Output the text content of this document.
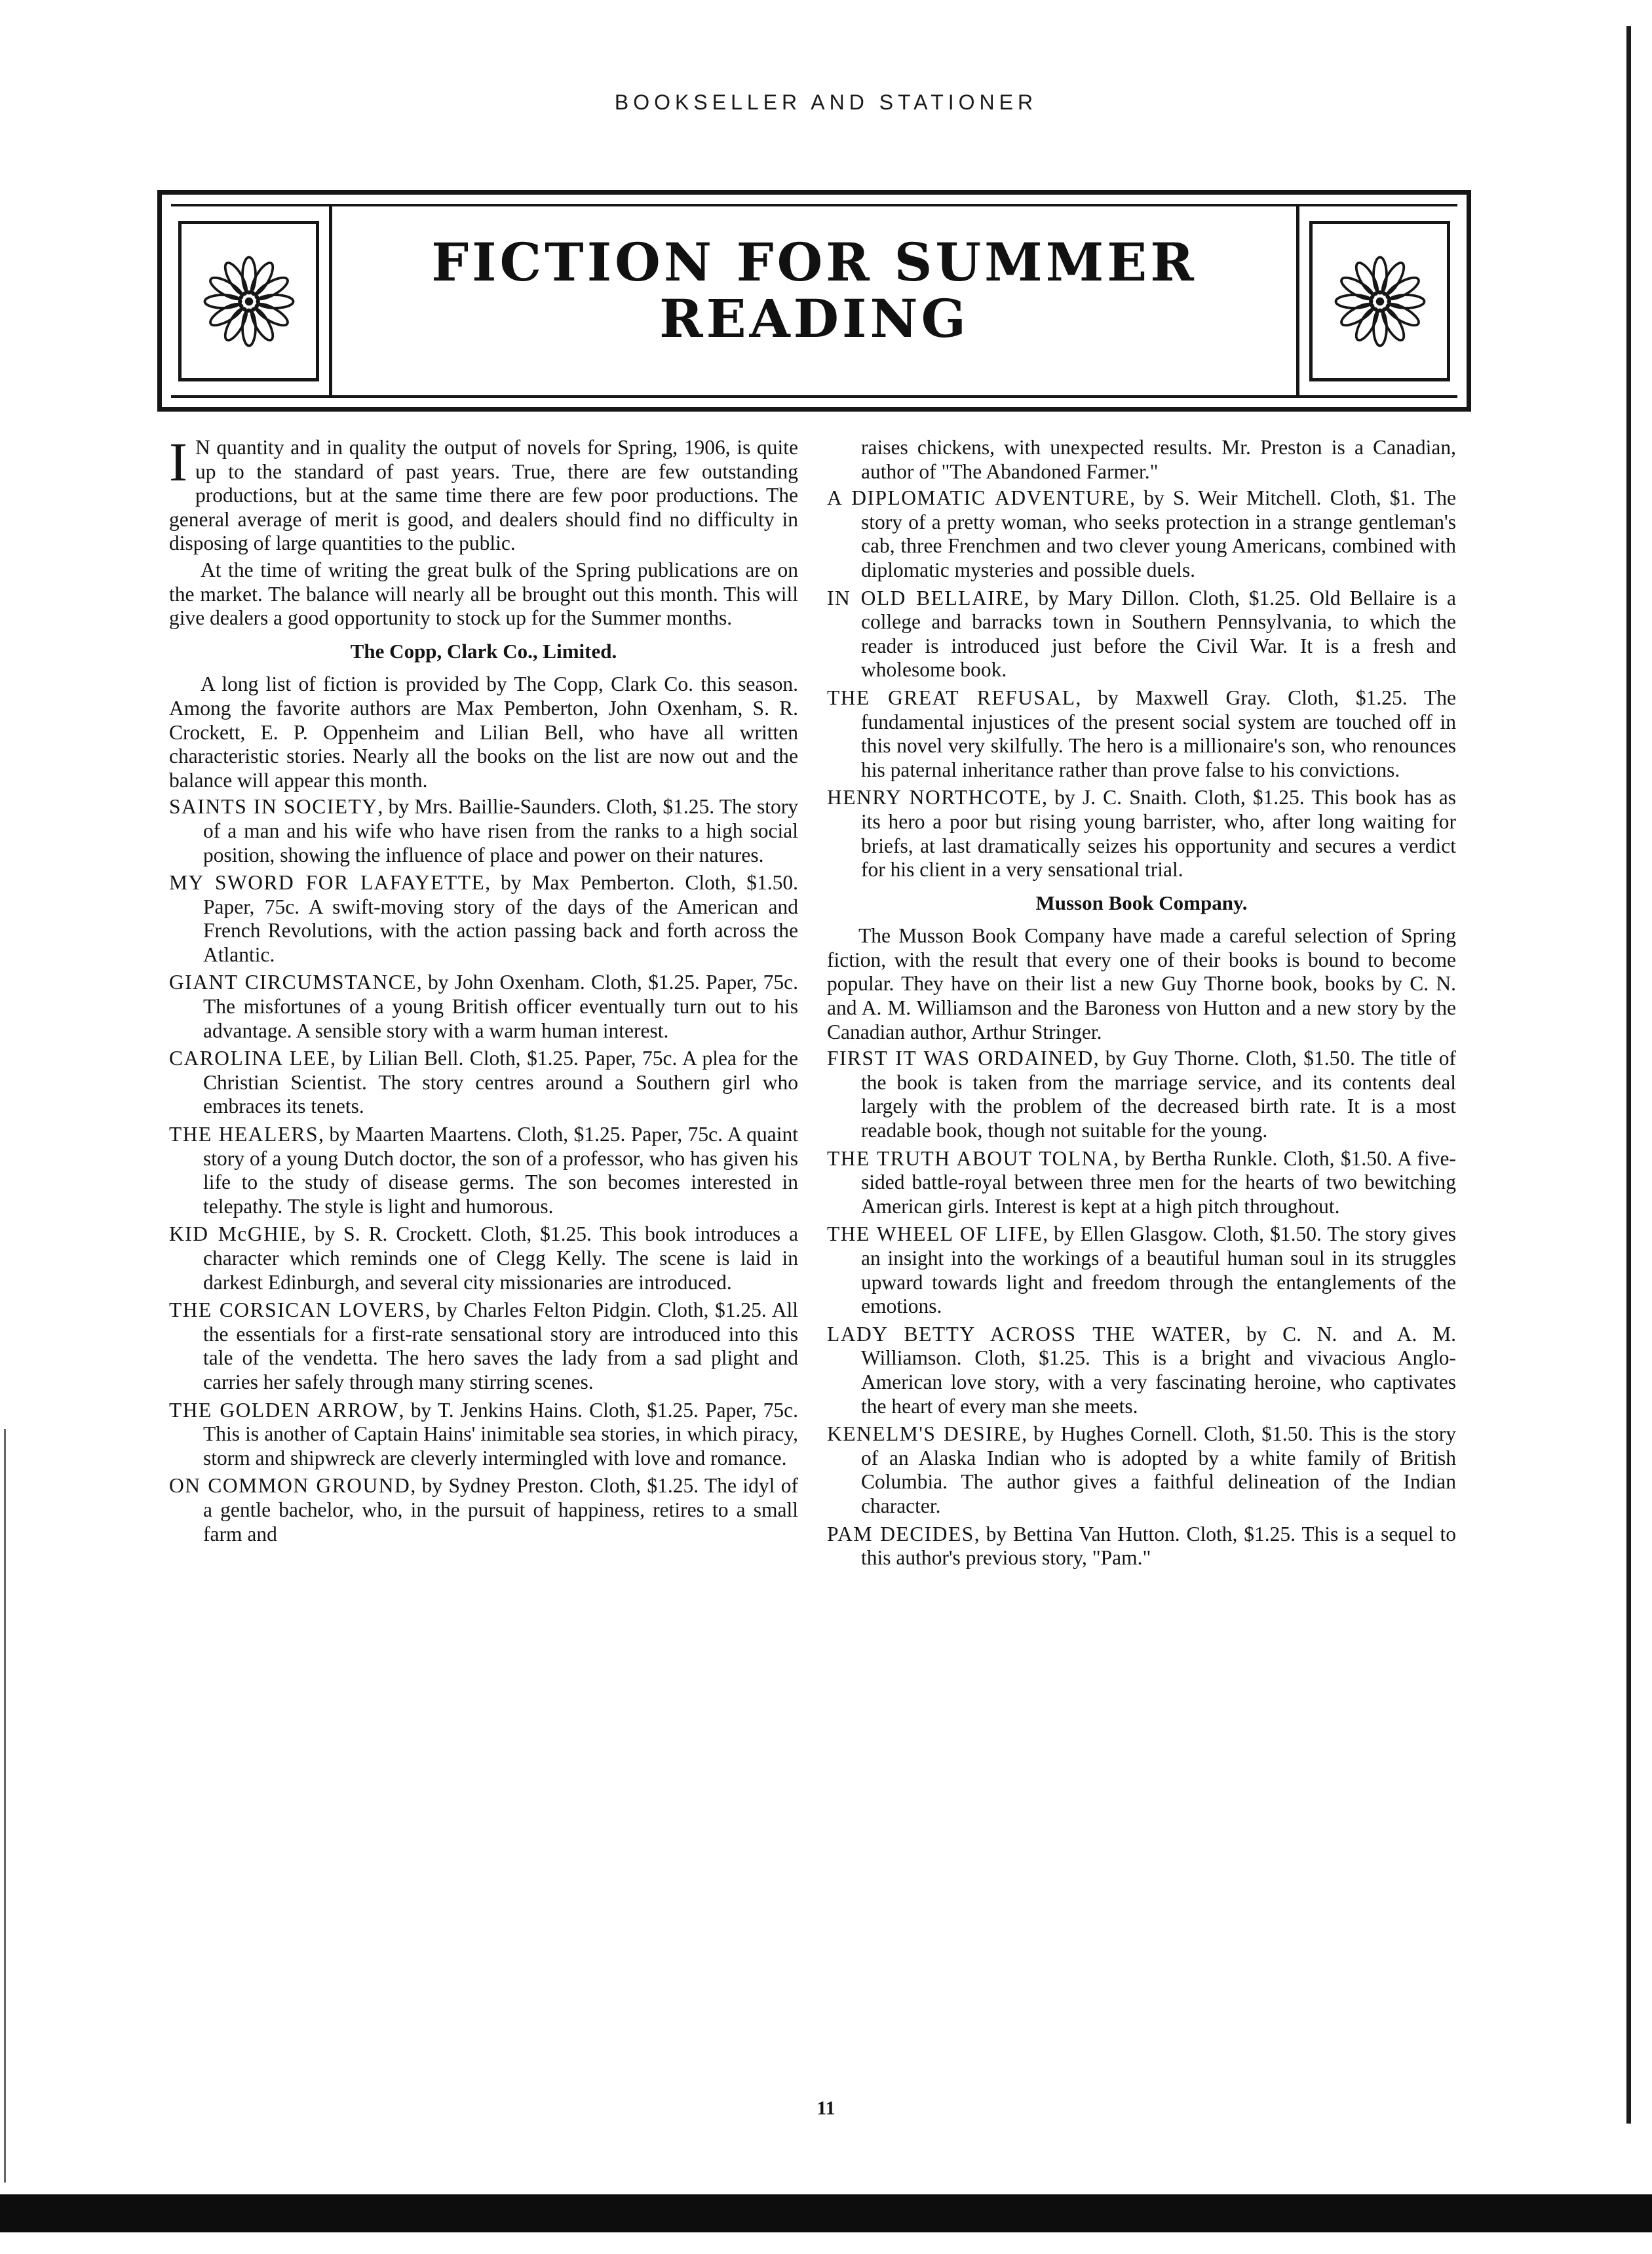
BOOKSELLER AND STATIONER
FICTION FOR SUMMER
READING

I N quantity and in quality the output of novels for Spring, 1906, is quite up to the standard of past years. True, there are few outstanding productions, but at the same time there are few poor productions. The general average of merit is good, and dealers should find no difficulty in disposing of large quantities to the public.

At the time of writing the great bulk of the Spring publications are on the market. The balance will nearly all be brought out this month. This will give dealers a good opportunity to stock up for the Summer months.

The Copp, Clark Co., Limited.

A long list of fiction is provided by The Copp, Clark Co. this season. Among the favorite authors are Max Pemberton, John Oxenham, S. R. Crockett, E. P. Oppenheim and Lilian Bell, who have all written characteristic stories. Nearly all the books on the list are now out and the balance will appear this month.

SAINTS IN SOCIETY, by Mrs. Baillie-Saunders. Cloth, $1.25. The story of a man and his wife who have risen from the ranks to a high social position, showing the influence of place and power on their natures.
MY SWORD FOR LAFAYETTE, by Max Pemberton. Cloth, $1.50. Paper, 75c. A swift-moving story of the days of the American and French Revolutions, with the action passing back and forth across the Atlantic.
GIANT CIRCUMSTANCE, by John Oxenham. Cloth, $1.25. Paper, 75c. The misfortunes of a young British officer eventually turn out to his advantage. A sensible story with a warm human interest.
CAROLINA LEE, by Lilian Bell. Cloth, $1.25. Paper, 75c. A plea for the Christian Scientist. The story centres around a Southern girl who embraces its tenets.
THE HEALERS, by Maarten Maartens. Cloth, $1.25. Paper, 75c. A quaint story of a young Dutch doctor, the son of a professor, who has given his life to the study of disease germs. The son becomes interested in telepathy. The style is light and humorous.
KID McGHIE, by S. R. Crockett. Cloth, $1.25. This book introduces a character which reminds one of Clegg Kelly. The scene is laid in darkest Edinburgh, and several city missionaries are introduced.
THE CORSICAN LOVERS, by Charles Felton Pidgin. Cloth, $1.25. All the essentials for a first-rate sensational story are introduced into this tale of the vendetta. The hero saves the lady from a sad plight and carries her safely through many stirring scenes.
THE GOLDEN ARROW, by T. Jenkins Hains. Cloth, $1.25. Paper, 75c. This is another of Captain Hains' inimitable sea stories, in which piracy, storm and shipwreck are cleverly intermingled with love and romance.
ON COMMON GROUND, by Sydney Preston. Cloth, $1.25. The idyl of a gentle bachelor, who, in the pursuit of happiness, retires to a small farm and

raises chickens, with unexpected results. Mr. Preston is a Canadian, author of "The Abandoned Farmer."

A DIPLOMATIC ADVENTURE, by S. Weir Mitchell. Cloth, $1. The story of a pretty woman, who seeks protection in a strange gentleman's cab, three Frenchmen and two clever young Americans, combined with diplomatic mysteries and possible duels.
IN OLD BELLAIRE, by Mary Dillon. Cloth, $1.25. Old Bellaire is a college and barracks town in Southern Pennsylvania, to which the reader is introduced just before the Civil War. It is a fresh and wholesome book.
THE GREAT REFUSAL, by Maxwell Gray. Cloth, $1.25. The fundamental injustices of the present social system are touched off in this novel very skilfully. The hero is a millionaire's son, who renounces his paternal inheritance rather than prove false to his convictions.
HENRY NORTHCOTE, by J. C. Snaith. Cloth, $1.25. This book has as its hero a poor but rising young barrister, who, after long waiting for briefs, at last dramatically seizes his opportunity and secures a verdict for his client in a very sensational trial.
Musson Book Company.

The Musson Book Company have made a careful selection of Spring fiction, with the result that every one of their books is bound to become popular. They have on their list a new Guy Thorne book, books by C. N. and A. M. Williamson and the Baroness von Hutton and a new story by the Canadian author, Arthur Stringer.

FIRST IT WAS ORDAINED, by Guy Thorne. Cloth, $1.50. The title of the book is taken from the marriage service, and its contents deal largely with the problem of the decreased birth rate. It is a most readable book, though not suitable for the young.
THE TRUTH ABOUT TOLNA, by Bertha Runkle. Cloth, $1.50. A five-sided battle-royal between three men for the hearts of two bewitching American girls. Interest is kept at a high pitch throughout.
THE WHEEL OF LIFE, by Ellen Glasgow. Cloth, $1.50. The story gives an insight into the workings of a beautiful human soul in its struggles upward towards light and freedom through the entanglements of the emotions.
LADY BETTY ACROSS THE WATER, by C. N. and A. M. Williamson. Cloth, $1.25. This is a bright and vivacious Anglo-American love story, with a very fascinating heroine, who captivates the heart of every man she meets.
KENELM'S DESIRE, by Hughes Cornell. Cloth, $1.50. This is the story of an Alaska Indian who is adopted by a white family of British Columbia. The author gives a faithful delineation of the Indian character.
PAM DECIDES, by Bettina Van Hutton. Cloth, $1.25. This is a sequel to this author's previous story, "Pam."
11
